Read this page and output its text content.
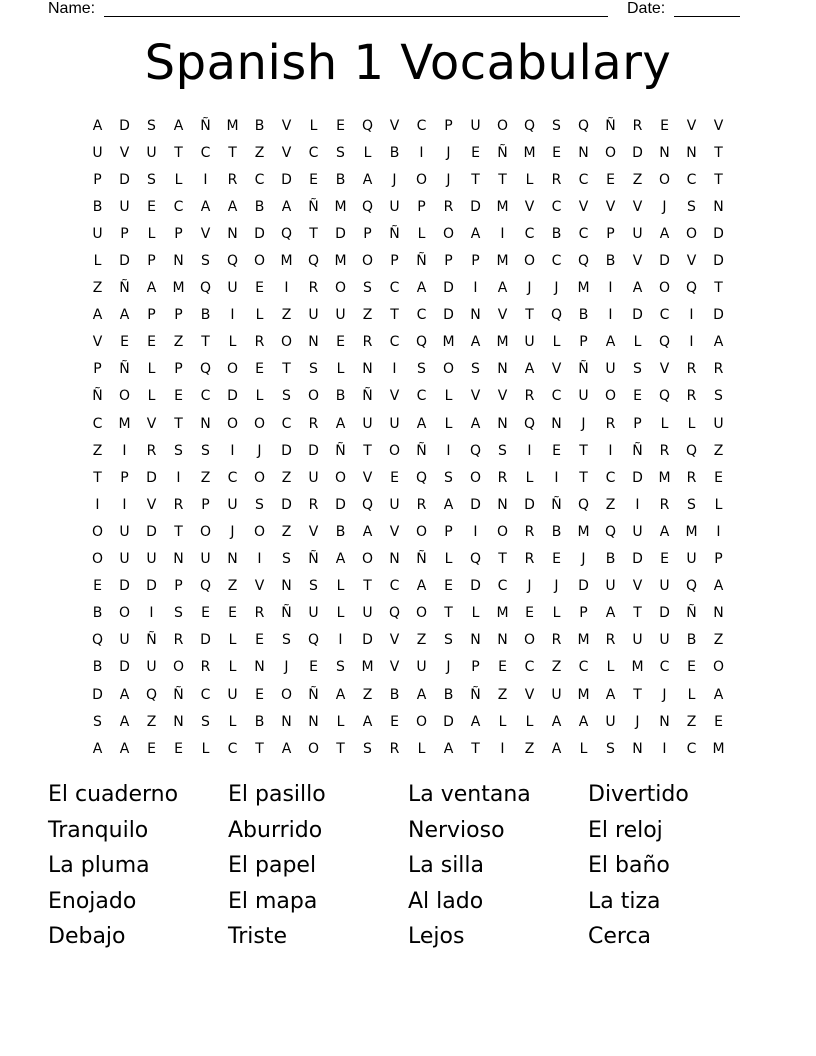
Name:	Date:
Spanish 1 Vocabulary
A	D	S	A	Ñ	M	B	V	L	E	Q	V	C	P	U	O	Q	S	Q	Ñ	R	E	V	V
U	V	U	T	C	T	Z	V	C	S	L	B	I	J	E	Ñ	M	E	N	O	D	N	N	T
P	D	S	L	I	R	C	D	E	B	A	J	O	J	T	T	L	R	C	E	Z	O	C	T
B	U	E	C	A	A	B	A	Ñ	M	Q	U	P	R	D	M	V	C	V	V	V	J	S	N
U	P	L	P	V	N	D	Q	T	D	P	Ñ	L	O	A	I	C	B	C	P	U	A	O	D
L	D	P	N	S	Q	O	M	Q	M	O	P	Ñ	P	P	M	O	C	Q	B	V	D	V	D
Z	Ñ	A	M	Q	U	E	I	R	O	S	C	A	D	I	A	J	J	M	I	A	O	Q	T
A	A	P	P	B	I	L	Z	U	U	Z	T	C	D	N	V	T	Q	B	I	D	C	I	D
V	E	E	Z	T	L	R	O	N	E	R	C	Q	M	A	M	U	L	P	A	L	Q	I	A
P	Ñ	L	P	Q	O	E	T	S	L	N	I	S	O	S	N	A	V	Ñ	U	S	V	R	R
Ñ	O	L	E	C	D	L	S	O	B	Ñ	V	C	L	V	V	R	C	U	O	E	Q	R	S
C	M	V	T	N	O	O	C	R	A	U	U	A	L	A	N	Q	N	J	R	P	L	L	U
Z	I	R	S	S	I	J	D	D	Ñ	T	O	Ñ	I	Q	S	I	E	T	I	Ñ	R	Q	Z
T	P	D	I	Z	C	O	Z	U	O	V	E	Q	S	O	R	L	I	T	C	D	M	R	E
I	I	V	R	P	U	S	D	R	D	Q	U	R	A	D	N	D	Ñ	Q	Z	I	R	S	L
O	U	D	T	O	J	O	Z	V	B	A	V	O	P	I	O	R	B	M	Q	U	A	M	I
O	U	U	N	U	N	I	S	Ñ	A	O	N	Ñ	L	Q	T	R	E	J	B	D	E	U	P
E	D	D	P	Q	Z	V	N	S	L	T	C	A	E	D	C	J	J	D	U	V	U	Q	A
B	O	I	S	E	E	R	Ñ	U	L	U	Q	O	T	L	M	E	L	P	A	T	D	Ñ	N
Q	U	Ñ	R	D	L	E	S	Q	I	D	V	Z	S	N	N	O	R	M	R	U	U	B	Z
B	D	U	O	R	L	N	J	E	S	M	V	U	J	P	E	C	Z	C	L	M	C	E	O
D	A	Q	Ñ	C	U	E	O	Ñ	A	Z	B	A	B	Ñ	Z	V	U	M	A	T	J	L	A
S	A	Z	N	S	L	B	N	N	L	A	E	O	D	A	L	L	A	A	U	J	N	Z	E
A	A	E	E	L	C	T	A	O	T	S	R	L	A	T	I	Z	A	L	S	N	I	C	M
El cuaderno	El pasillo	La ventana	Divertido
Tranquilo	Aburrido	Nervioso	El reloj
La pluma	El papel	La silla	El baño
Enojado	El mapa	Al lado	La tiza
Debajo	Triste	Lejos	Cerca
